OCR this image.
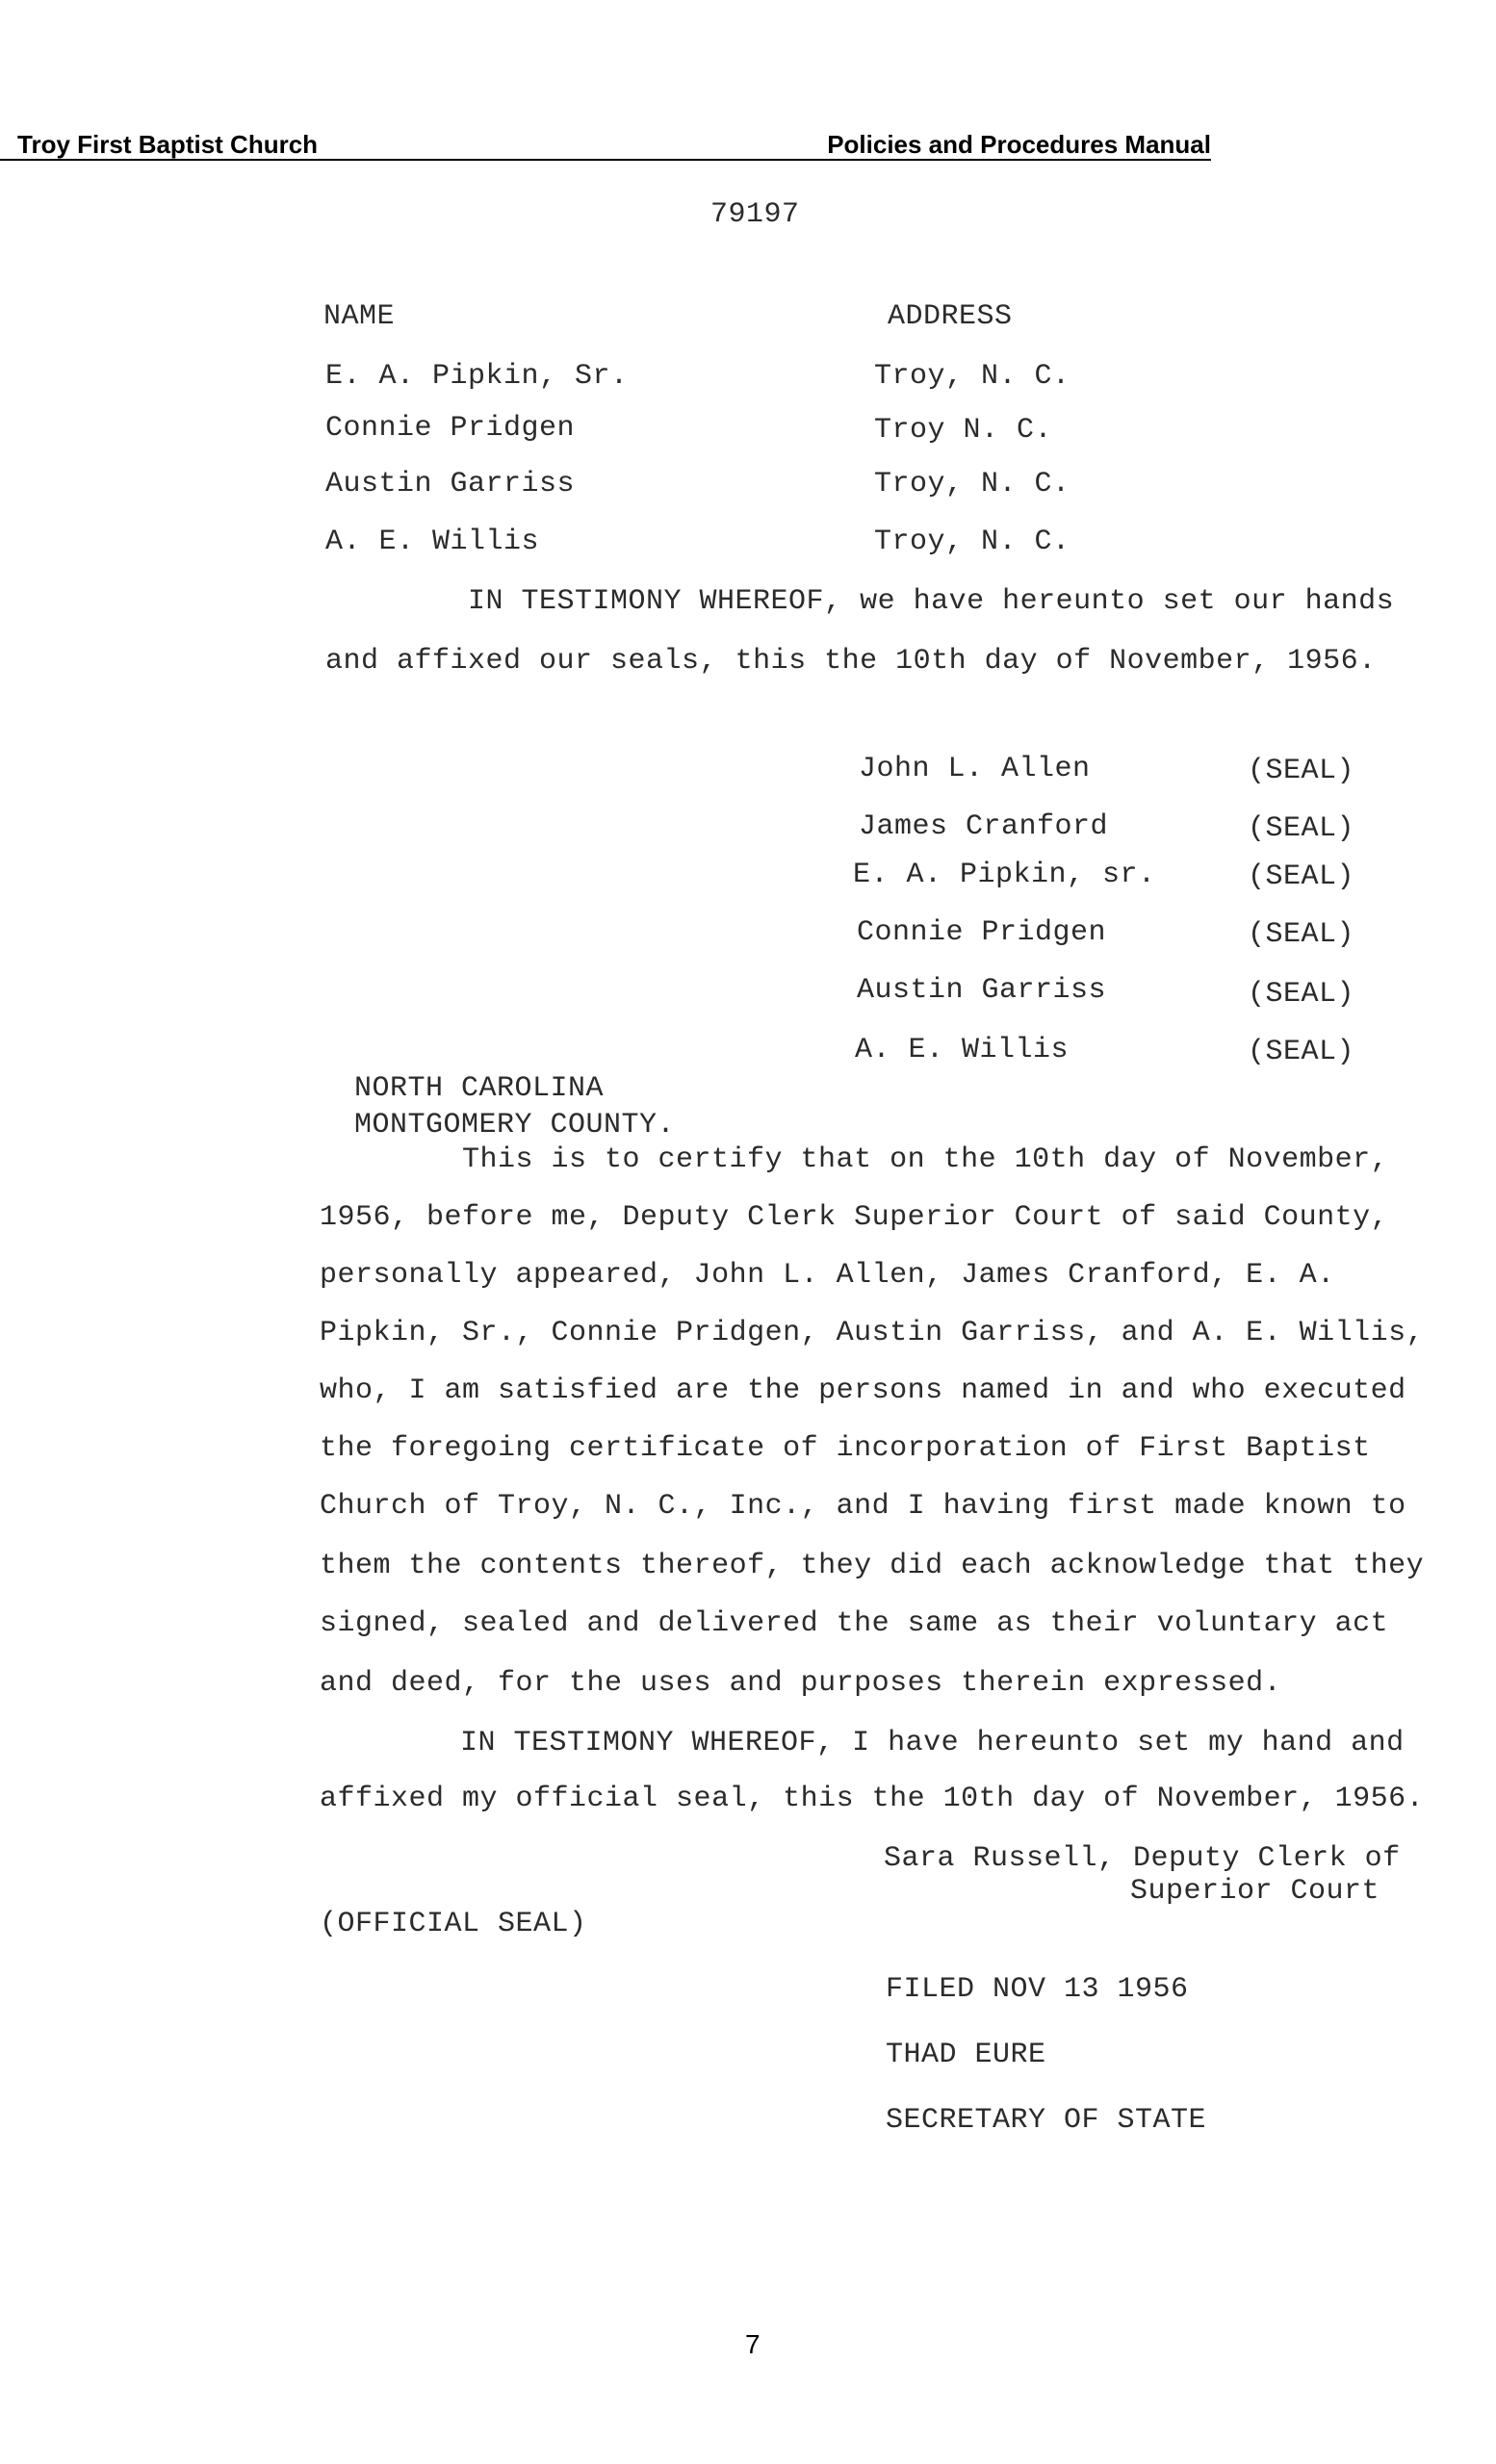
Troy First Baptist Church	Policies and Procedures Manual
79197
NAME	ADDRESS
E. A. Pipkin, Sr.	Troy, N. C.
Connie Pridgen	Troy N. C.
Austin Garriss	Troy, N. C.
A. E. Willis	Troy, N. C.
IN TESTIMONY WHEREOF, we have hereunto set our hands
and affixed our seals, this the 10th day of November, 1956.
John L. Allen	(SEAL)
James Cranford	(SEAL)
E. A. Pipkin, sr.	(SEAL)
Connie Pridgen	(SEAL)
Austin Garriss	(SEAL)
A. E. Willis	(SEAL)
NORTH CAROLINA
MONTGOMERY COUNTY.
This is to certify that on the 10th day of November,
1956, before me, Deputy Clerk Superior Court of said County,
personally appeared, John L. Allen, James Cranford, E. A.
Pipkin, Sr., Connie Pridgen, Austin Garriss, and A. E. Willis,
who, I am satisfied are the persons named in and who executed
the foregoing certificate of incorporation of First Baptist
Church of Troy, N. C., Inc., and I having first made known to
them the contents thereof, they did each acknowledge that they
signed, sealed and delivered the same as their voluntary act
and deed, for the uses and purposes therein expressed.
IN TESTIMONY WHEREOF, I have hereunto set my hand and
affixed my official seal, this the 10th day of November, 1956.
Sara Russell, Deputy Clerk of
Superior Court
(OFFICIAL SEAL)
FILED NOV 13 1956
THAD EURE
SECRETARY OF STATE
7
